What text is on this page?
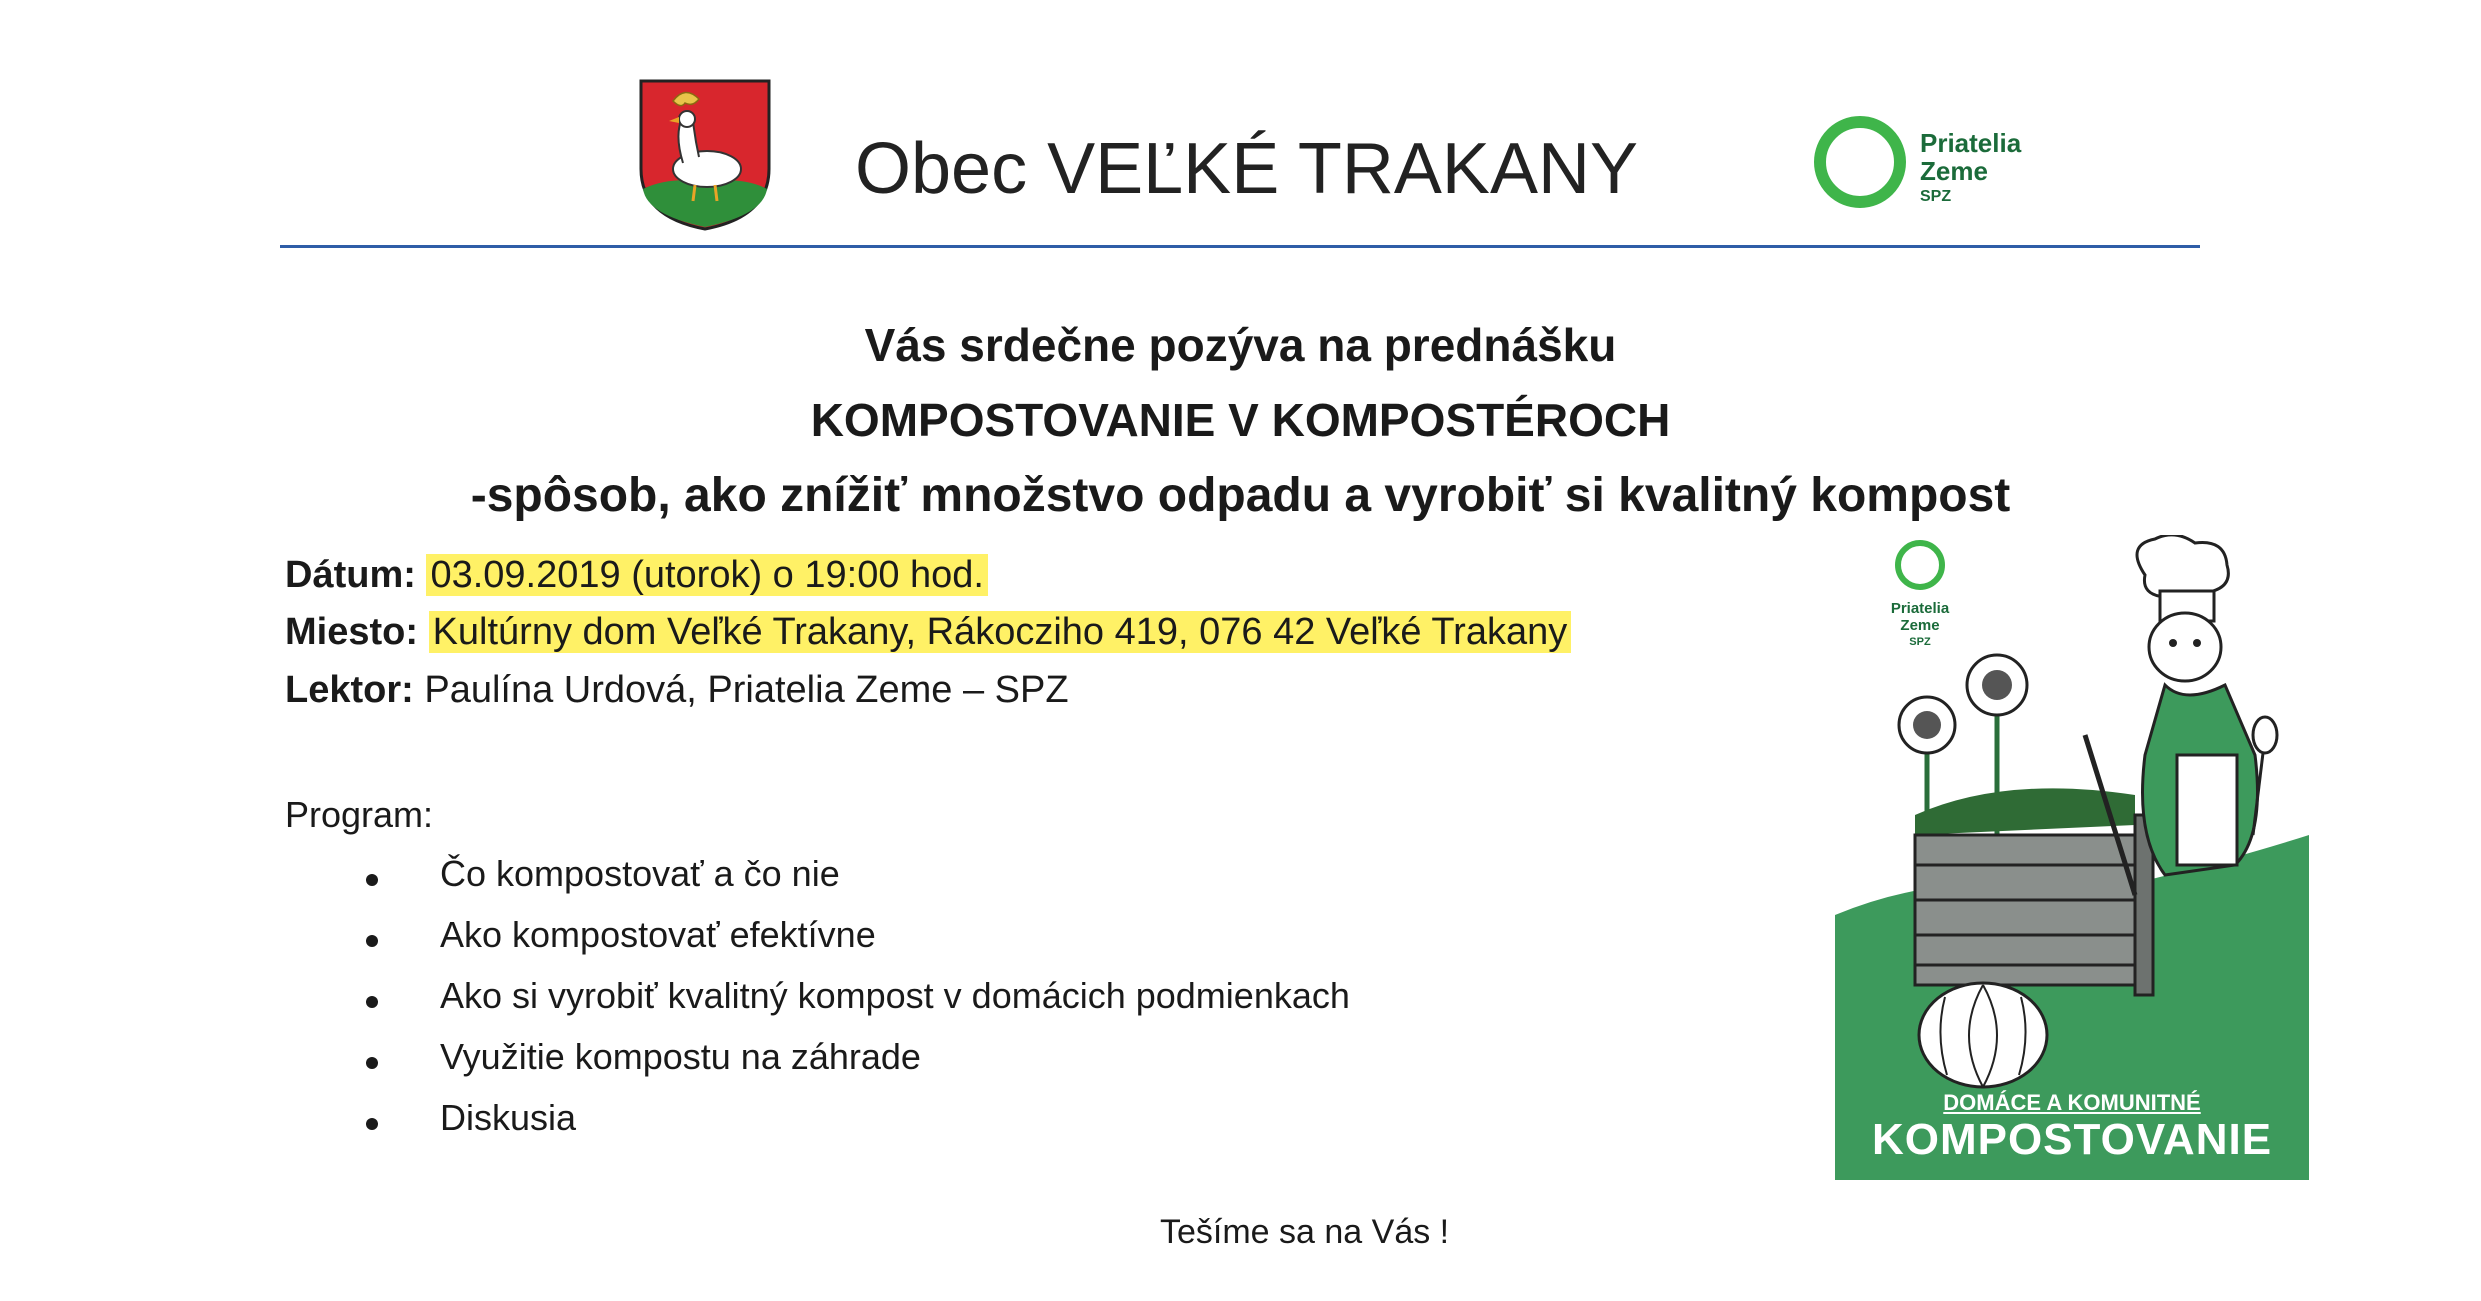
Obec VEĽKÉ TRAKANY	Priatelia
Zeme
SPZ
Vás srdečne pozýva na prednášku
KOMPOSTOVANIE V KOMPOSTÉROCH
-spôsob, ako znížiť množstvo odpadu a vyrobiť si kvalitný kompost
Dátum: 03.09.2019 (utorok) o 19:00 hod.
Miesto: Kultúrny dom Veľké Trakany, Rákocziho 419, 076 42 Veľké Trakany
Lektor: Paulína Urdová, Priatelia Zeme – SPZ
Program:
Čo kompostovať a čo nie
Ako kompostovať efektívne
Ako si vyrobiť kvalitný kompost v domácich podmienkach
Využitie kompostu na záhrade
Diskusia
Tešíme sa na Vás !
Priatelia
Zeme
SPZ
DOMÁCE A KOMUNITNÉ
KOMPOSTOVANIE
